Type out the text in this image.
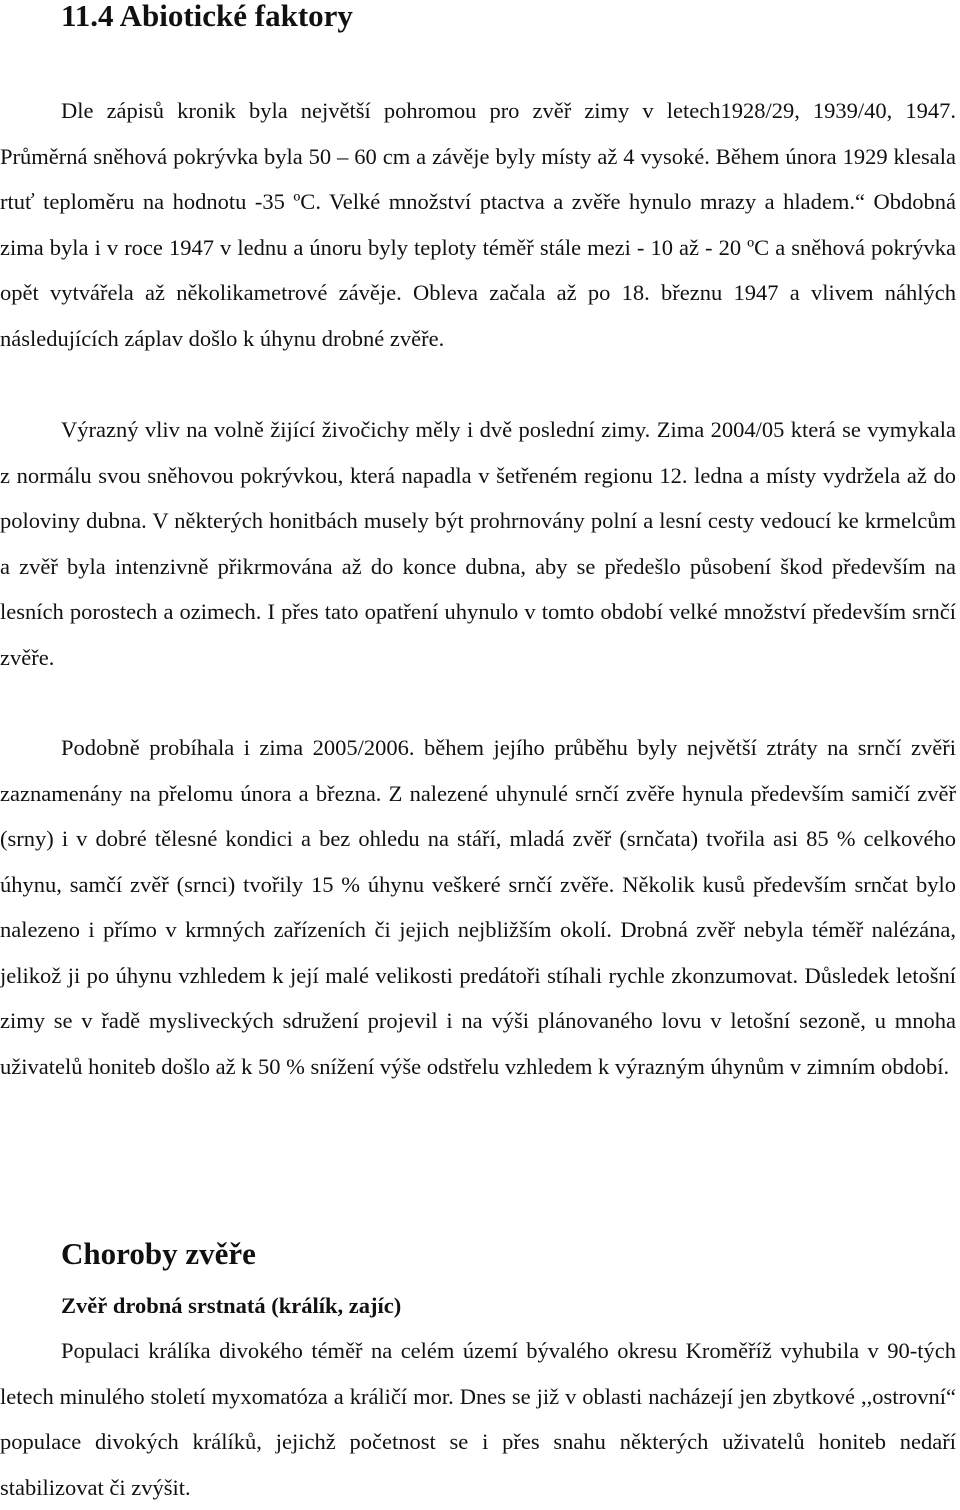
11.4 Abiotické faktory

Dle zápisů kronik byla největší pohromou pro zvěř zimy v letech1928/29, 1939/40, 1947. Průměrná sněhová pokrývka byla 50 – 60 cm a závěje byly místy až 4 vysoké. Během února 1929 klesala rtuť teploměru na hodnotu -35 ºC. Velké množství ptactva a zvěře hynulo mrazy a hladem.“ Obdobná zima byla i v roce 1947 v lednu a únoru byly teploty téměř stále mezi - 10 až - 20 ºC a sněhová pokrývka opět vytvářela až několikametrové závěje. Obleva začala až po 18. březnu 1947 a vlivem náhlých následujících záplav došlo k úhynu drobné zvěře.

Výrazný vliv na volně žijící živočichy měly i dvě poslední zimy. Zima 2004/05 která se vymykala z normálu svou sněhovou pokrývkou, která napadla v šetřeném regionu 12. ledna a místy vydržela až do poloviny dubna. V některých honitbách musely být prohrnovány polní a lesní cesty vedoucí ke krmelcům a zvěř byla intenzivně přikrmována až do konce dubna, aby se předešlo působení škod především na lesních porostech a ozimech. I přes tato opatření uhynulo v tomto období velké množství především srnčí zvěře.

Podobně probíhala i zima 2005/2006. během jejího průběhu byly největší ztráty na srnčí zvěři zaznamenány na přelomu února a března. Z nalezené uhynulé srnčí zvěře hynula především samičí zvěř (srny) i v dobré tělesné kondici a bez ohledu na stáří, mladá zvěř (srnčata) tvořila asi 85 % celkového úhynu, samčí zvěř (srnci) tvořily 15 % úhynu veškeré srnčí zvěře. Několik kusů především srnčat bylo nalezeno i přímo v krmných zařízeních či jejich nejbližším okolí. Drobná zvěř nebyla téměř nalézána, jelikož ji po úhynu vzhledem k její malé velikosti predátoři stíhali rychle zkonzumovat. Důsledek letošní zimy se v řadě mysliveckých sdružení projevil i na výši plánovaného lovu v letošní sezoně, u mnoha uživatelů honiteb došlo až k 50 % snížení výše odstřelu vzhledem k výrazným úhynům v zimním období.

Choroby zvěře
Zvěř drobná srstnatá (králík, zajíc)

Populaci králíka divokého téměř na celém území bývalého okresu Kroměříž vyhubila v 90-tých letech minulého století myxomatóza a králičí mor. Dnes se již v oblasti nacházejí jen zbytkové ,,ostrovní“ populace divokých králíků, jejichž početnost se i přes snahu některých uživatelů honiteb nedaří stabilizovat či zvýšit.
